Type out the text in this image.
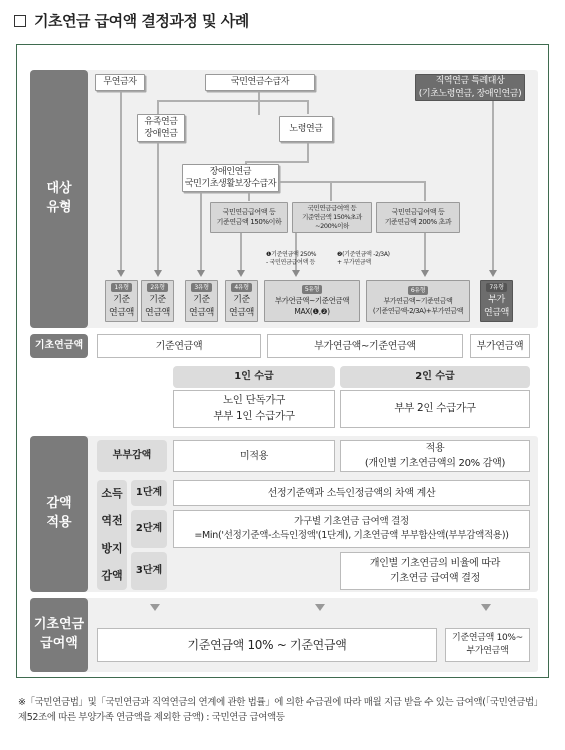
기초연금 급여액 결정과정 및 사례
대상
유형
무연금자	국민연금수급자	직역연금 특례대상
(기초노령연금, 장애인연금)
유족연금
장애연금
노령연금
장애인연금
국민기초생활보장수급자
국민연금급여액 등
기준연금액 150%이하
국민연금급여액 등
기준연금액 150%초과~200%이하
국민연금급여액 등
기준연금액 200% 초과
❶기준연금액 250%
- 국민연금급여액 등
❷(기준연금액 -2/3A)
+ 부가연금액
1유형
기준
연금액
2유형
기준
연금액
3유형
기준
연금액
4유형
기준
연금액
5유형
부가연금액~기준연금액
MAX(❶,❷)
6유형
부가연금액~기준연금액
(기준연금액-2/3A)+부가연금액
7유형
부가
연금액
기초연금액	기준연금액	부가연금액~기준연금액	부가연금액
1인 수급	2인 수급
노인 단독가구
부부 1인 수급가구
부부 2인 수급가구
감액
적용
부부감액	미적용
적용
(개인별 기초연금액의 20% 감액)
소득
역전
방지
감액
1단계	선정기준액과 소득인정금액의 차액 계산
2단계
가구별 기초연금 급여액 결정
=Min('선정기준액-소득인정액'(1단계), 기초연금액 부부합산액(부부감액적용))
3단계
개인별 기초연금의 비율에 따라
기초연금 급여액 결정
기초연금
급여액	기준연금액 10% ~ 기준연금액
기준연금액 10%~
부가연금액
※「국민연금법」및「국민연금과 직역연금의 연계에 관한 법률」에 의한 수급권에 따라 매월 지급 받을 수 있는 급여액(「국민연금법」 제52조에 따른 부양가족 연금액을 제외한 금액) : 국민연금 급여액등
